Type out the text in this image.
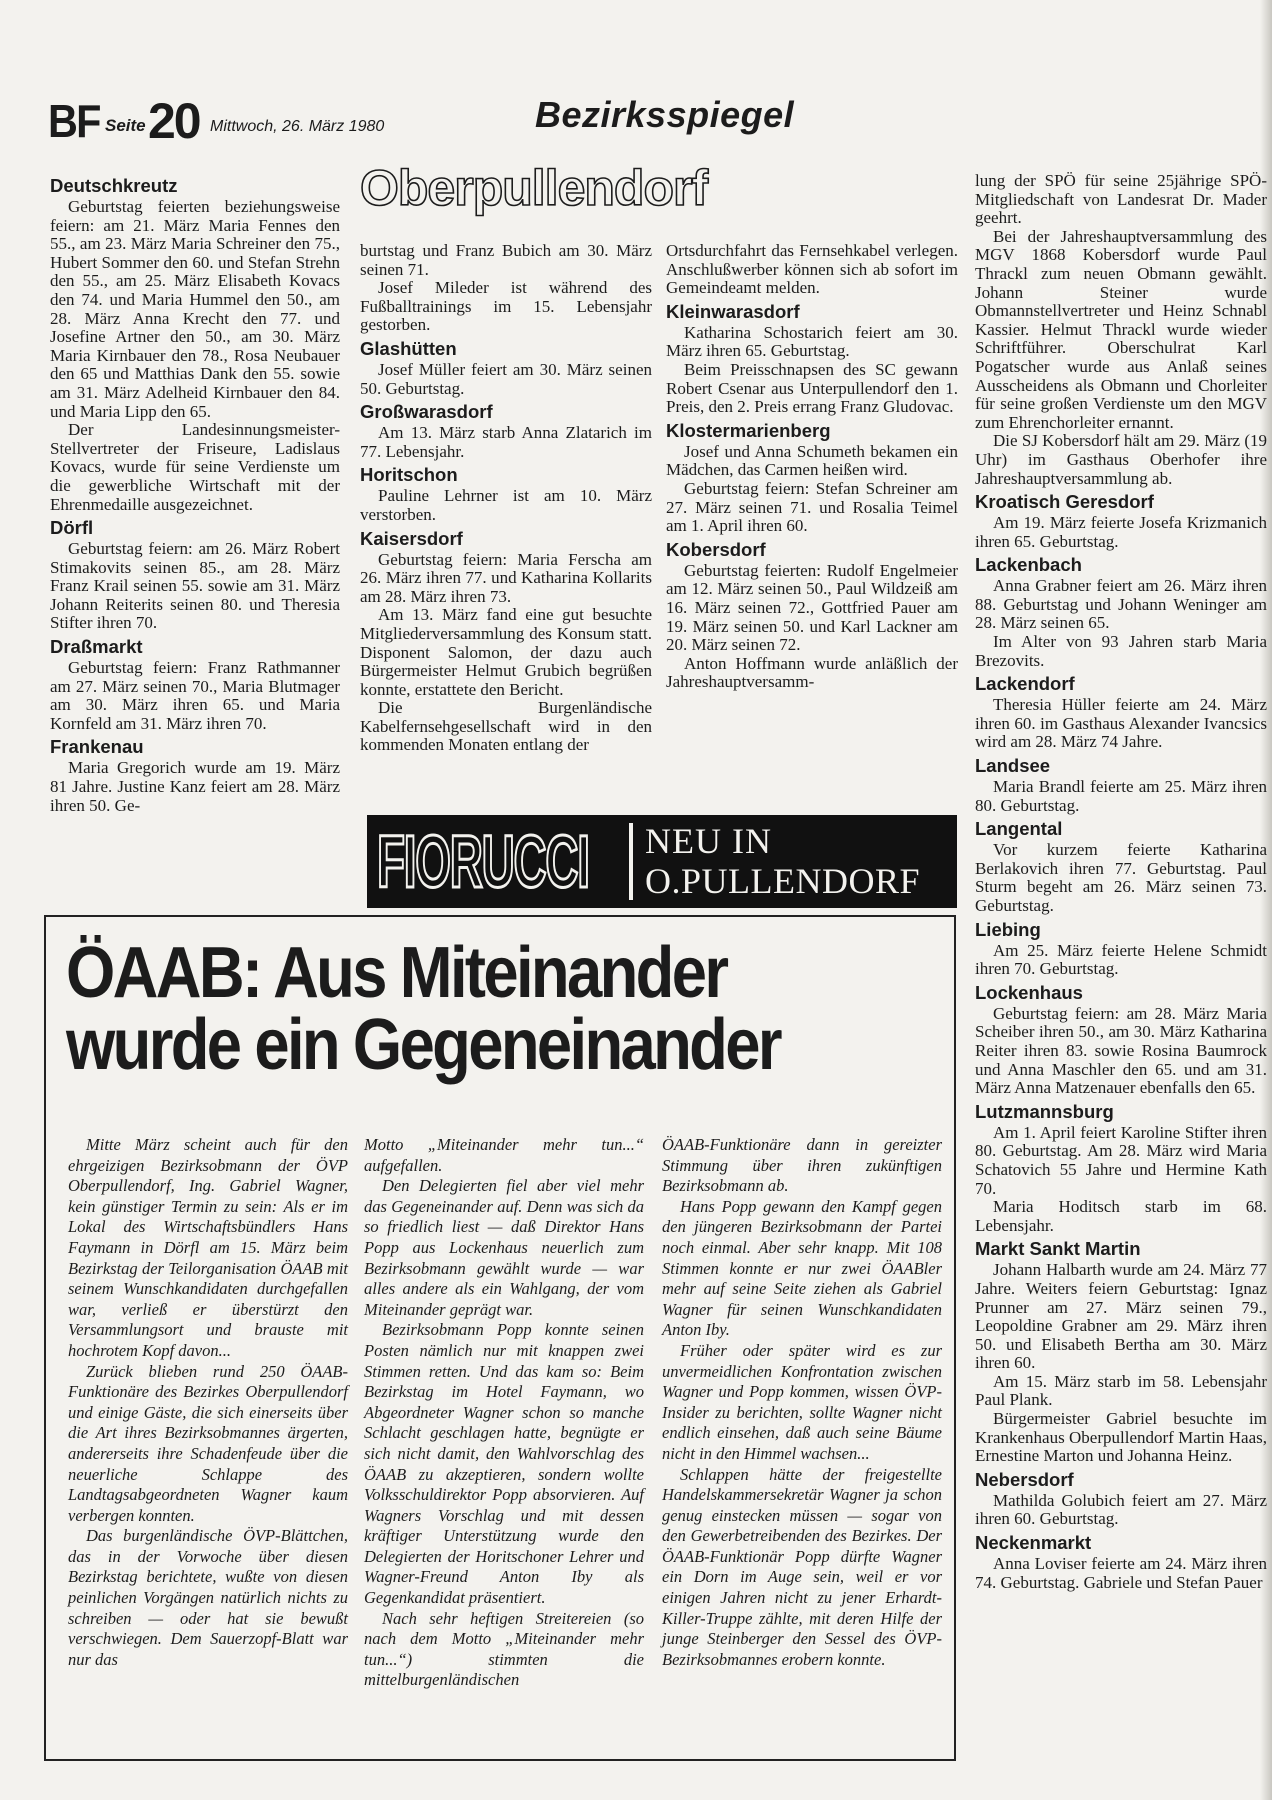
BF Seite 20 Mittwoch, 26. März 1980	Bezirksspiegel
Oberpullendorf
Deutschkreutz

Geburtstag feierten beziehungsweise feiern: am 21. März Maria Fennes den 55., am 23. März Maria Schreiner den 75., Hubert Sommer den 60. und Stefan Strehn den 55., am 25. März Elisabeth Kovacs den 74. und Maria Hummel den 50., am 28. März Anna Krecht den 77. und Josefine Artner den 50., am 30. März Maria Kirnbauer den 78., Rosa Neubauer den 65 und Matthias Dank den 55. sowie am 31. März Adelheid Kirnbauer den 84. und Maria Lipp den 65.

Der Landesinnungsmeister-Stellvertreter der Friseure, Ladislaus Kovacs, wurde für seine Verdienste um die gewerbliche Wirtschaft mit der Ehrenmedaille ausgezeichnet.

Dörfl

Geburtstag feiern: am 26. März Robert Stimakovits seinen 85., am 28. März Franz Krail seinen 55. sowie am 31. März Johann Reiterits seinen 80. und Theresia Stifter ihren 70.

Draßmarkt

Geburtstag feiern: Franz Rathmanner am 27. März seinen 70., Maria Blutmager am 30. März ihren 65. und Maria Kornfeld am 31. März ihren 70.

Frankenau

Maria Gregorich wurde am 19. März 81 Jahre. Justine Kanz feiert am 28. März ihren 50. Ge-

burtstag und Franz Bubich am 30. März seinen 71.

Josef Mileder ist während des Fußballtrainings im 15. Lebensjahr gestorben.

Glashütten

Josef Müller feiert am 30. März seinen 50. Geburtstag.

Großwarasdorf

Am 13. März starb Anna Zlatarich im 77. Lebensjahr.

Horitschon

Pauline Lehrner ist am 10. März verstorben.

Kaisersdorf

Geburtstag feiern: Maria Ferscha am 26. März ihren 77. und Katharina Kollarits am 28. März ihren 73.

Am 13. März fand eine gut besuchte Mitgliederversammlung des Konsum statt. Disponent Salomon, der dazu auch Bürgermeister Helmut Grubich begrüßen konnte, erstattete den Bericht.

Die Burgenländische Kabelfernsehgesellschaft wird in den kommenden Monaten entlang der

Ortsdurchfahrt das Fernsehkabel verlegen. Anschlußwerber können sich ab sofort im Gemeindeamt melden.

Kleinwarasdorf

Katharina Schostarich feiert am 30. März ihren 65. Geburtstag.

Beim Preisschnapsen des SC gewann Robert Csenar aus Unterpullendorf den 1. Preis, den 2. Preis errang Franz Gludovac.

Klostermarienberg

Josef und Anna Schumeth bekamen ein Mädchen, das Carmen heißen wird.

Geburtstag feiern: Stefan Schreiner am 27. März seinen 71. und Rosalia Teimel am 1. April ihren 60.

Kobersdorf

Geburtstag feierten: Rudolf Engelmeier am 12. März seinen 50., Paul Wildzeiß am 16. März seinen 72., Gottfried Pauer am 19. März seinen 50. und Karl Lackner am 20. März seinen 72.

Anton Hoffmann wurde anläßlich der Jahreshauptversamm-

lung der SPÖ für seine 25jährige SPÖ-Mitgliedschaft von Landesrat Dr. Mader geehrt.

Bei der Jahreshauptversammlung des MGV 1868 Kobersdorf wurde Paul Thrackl zum neuen Obmann gewählt. Johann Steiner wurde Obmannstellvertreter und Heinz Schnabl Kassier. Helmut Thrackl wurde wieder Schriftführer. Oberschulrat Karl Pogatscher wurde aus Anlaß seines Ausscheidens als Obmann und Chorleiter für seine großen Verdienste um den MGV zum Ehrenchorleiter ernannt.

Die SJ Kobersdorf hält am 29. März (19 Uhr) im Gasthaus Oberhofer ihre Jahreshauptversammlung ab.

Kroatisch Geresdorf

Am 19. März feierte Josefa Krizmanich ihren 65. Geburtstag.

Lackenbach

Anna Grabner feiert am 26. März ihren 88. Geburtstag und Johann Weninger am 28. März seinen 65.

Im Alter von 93 Jahren starb Maria Brezovits.

Lackendorf

Theresia Hüller feierte am 24. März ihren 60. im Gasthaus Alexander Ivancsics wird am 28. März 74 Jahre.

Landsee

Maria Brandl feierte am 25. März ihren 80. Geburtstag.

Langental

Vor kurzem feierte Katharina Berlakovich ihren 77. Geburtstag. Paul Sturm begeht am 26. März seinen 73. Geburtstag.

Liebing

Am 25. März feierte Helene Schmidt ihren 70. Geburtstag.

Lockenhaus

Geburtstag feiern: am 28. März Maria Scheiber ihren 50., am 30. März Katharina Reiter ihren 83. sowie Rosina Baumrock und Anna Maschler den 65. und am 31. März Anna Matzenauer ebenfalls den 65.

Lutzmannsburg

Am 1. April feiert Karoline Stifter ihren 80. Geburtstag. Am 28. März wird Maria Schatovich 55 Jahre und Hermine Kath 70.

Maria Hoditsch starb im 68. Lebensjahr.

Markt Sankt Martin

Johann Halbarth wurde am 24. März 77 Jahre. Weiters feiern Geburtstag: Ignaz Prunner am 27. März seinen 79., Leopoldine Grabner am 29. März ihren 50. und Elisabeth Bertha am 30. März ihren 60.

Am 15. März starb im 58. Lebensjahr Paul Plank.

Bürgermeister Gabriel besuchte im Krankenhaus Oberpullendorf Martin Haas, Ernestine Marton und Johanna Heinz.

Nebersdorf

Mathilda Golubich feiert am 27. März ihren 60. Geburtstag.

Neckenmarkt

Anna Loviser feierte am 24. März ihren 74. Geburtstag. Gabriele und Stefan Pauer

FIORUCCI NEU IN
O.PULLENDORF
ÖAAB: Aus Miteinander
wurde ein Gegeneinander

Mitte März scheint auch für den ehrgeizigen Bezirksobmann der ÖVP Oberpullendorf, Ing. Gabriel Wagner, kein günstiger Termin zu sein: Als er im Lokal des Wirtschaftsbündlers Hans Faymann in Dörfl am 15. März beim Bezirkstag der Teilorganisation ÖAAB mit seinem Wunschkandidaten durchgefallen war, verließ er überstürzt den Versammlungsort und brauste mit hochrotem Kopf davon...

Zurück blieben rund 250 ÖAAB-Funktionäre des Bezirkes Oberpullendorf und einige Gäste, die sich einerseits über die Art ihres Bezirksobmannes ärgerten, andererseits ihre Schadenfeude über die neuerliche Schlappe des Landtagsabgeordneten Wagner kaum verbergen konnten.

Das burgenländische ÖVP-Blättchen, das in der Vorwoche über diesen Bezirkstag berichtete, wußte von diesen peinlichen Vorgängen natürlich nichts zu schreiben — oder hat sie bewußt verschwiegen. Dem Sauerzopf-Blatt war nur das

Motto „Miteinander mehr tun...“ aufgefallen.

Den Delegierten fiel aber viel mehr das Gegeneinander auf. Denn was sich da so friedlich liest — daß Direktor Hans Popp aus Lockenhaus neuerlich zum Bezirksobmann gewählt wurde — war alles andere als ein Wahlgang, der vom Miteinander geprägt war.

Bezirksobmann Popp konnte seinen Posten nämlich nur mit knappen zwei Stimmen retten. Und das kam so: Beim Bezirkstag im Hotel Faymann, wo Abgeordneter Wagner schon so manche Schlacht geschlagen hatte, begnügte er sich nicht damit, den Wahlvorschlag des ÖAAB zu akzeptieren, sondern wollte Volksschuldirektor Popp absorvieren. Auf Wagners Vorschlag und mit dessen kräftiger Unterstützung wurde den Delegierten der Horitschoner Lehrer und Wagner-Freund Anton Iby als Gegenkandidat präsentiert.

Nach sehr heftigen Streitereien (so nach dem Motto „Miteinander mehr tun...“) stimmten die mittelburgenländischen

ÖAAB-Funktionäre dann in gereizter Stimmung über ihren zukünftigen Bezirksobmann ab.

Hans Popp gewann den Kampf gegen den jüngeren Bezirksobmann der Partei noch einmal. Aber sehr knapp. Mit 108 Stimmen konnte er nur zwei ÖAABler mehr auf seine Seite ziehen als Gabriel Wagner für seinen Wunschkandidaten Anton Iby.

Früher oder später wird es zur unvermeidlichen Konfrontation zwischen Wagner und Popp kommen, wissen ÖVP-Insider zu berichten, sollte Wagner nicht endlich einsehen, daß auch seine Bäume nicht in den Himmel wachsen...

Schlappen hätte der freigestellte Handelskammersekretär Wagner ja schon genug einstecken müssen — sogar von den Gewerbetreibenden des Bezirkes. Der ÖAAB-Funktionär Popp dürfte Wagner ein Dorn im Auge sein, weil er vor einigen Jahren nicht zu jener Erhardt-Killer-Truppe zählte, mit deren Hilfe der junge Steinberger den Sessel des ÖVP-Bezirksobmannes erobern konnte.
